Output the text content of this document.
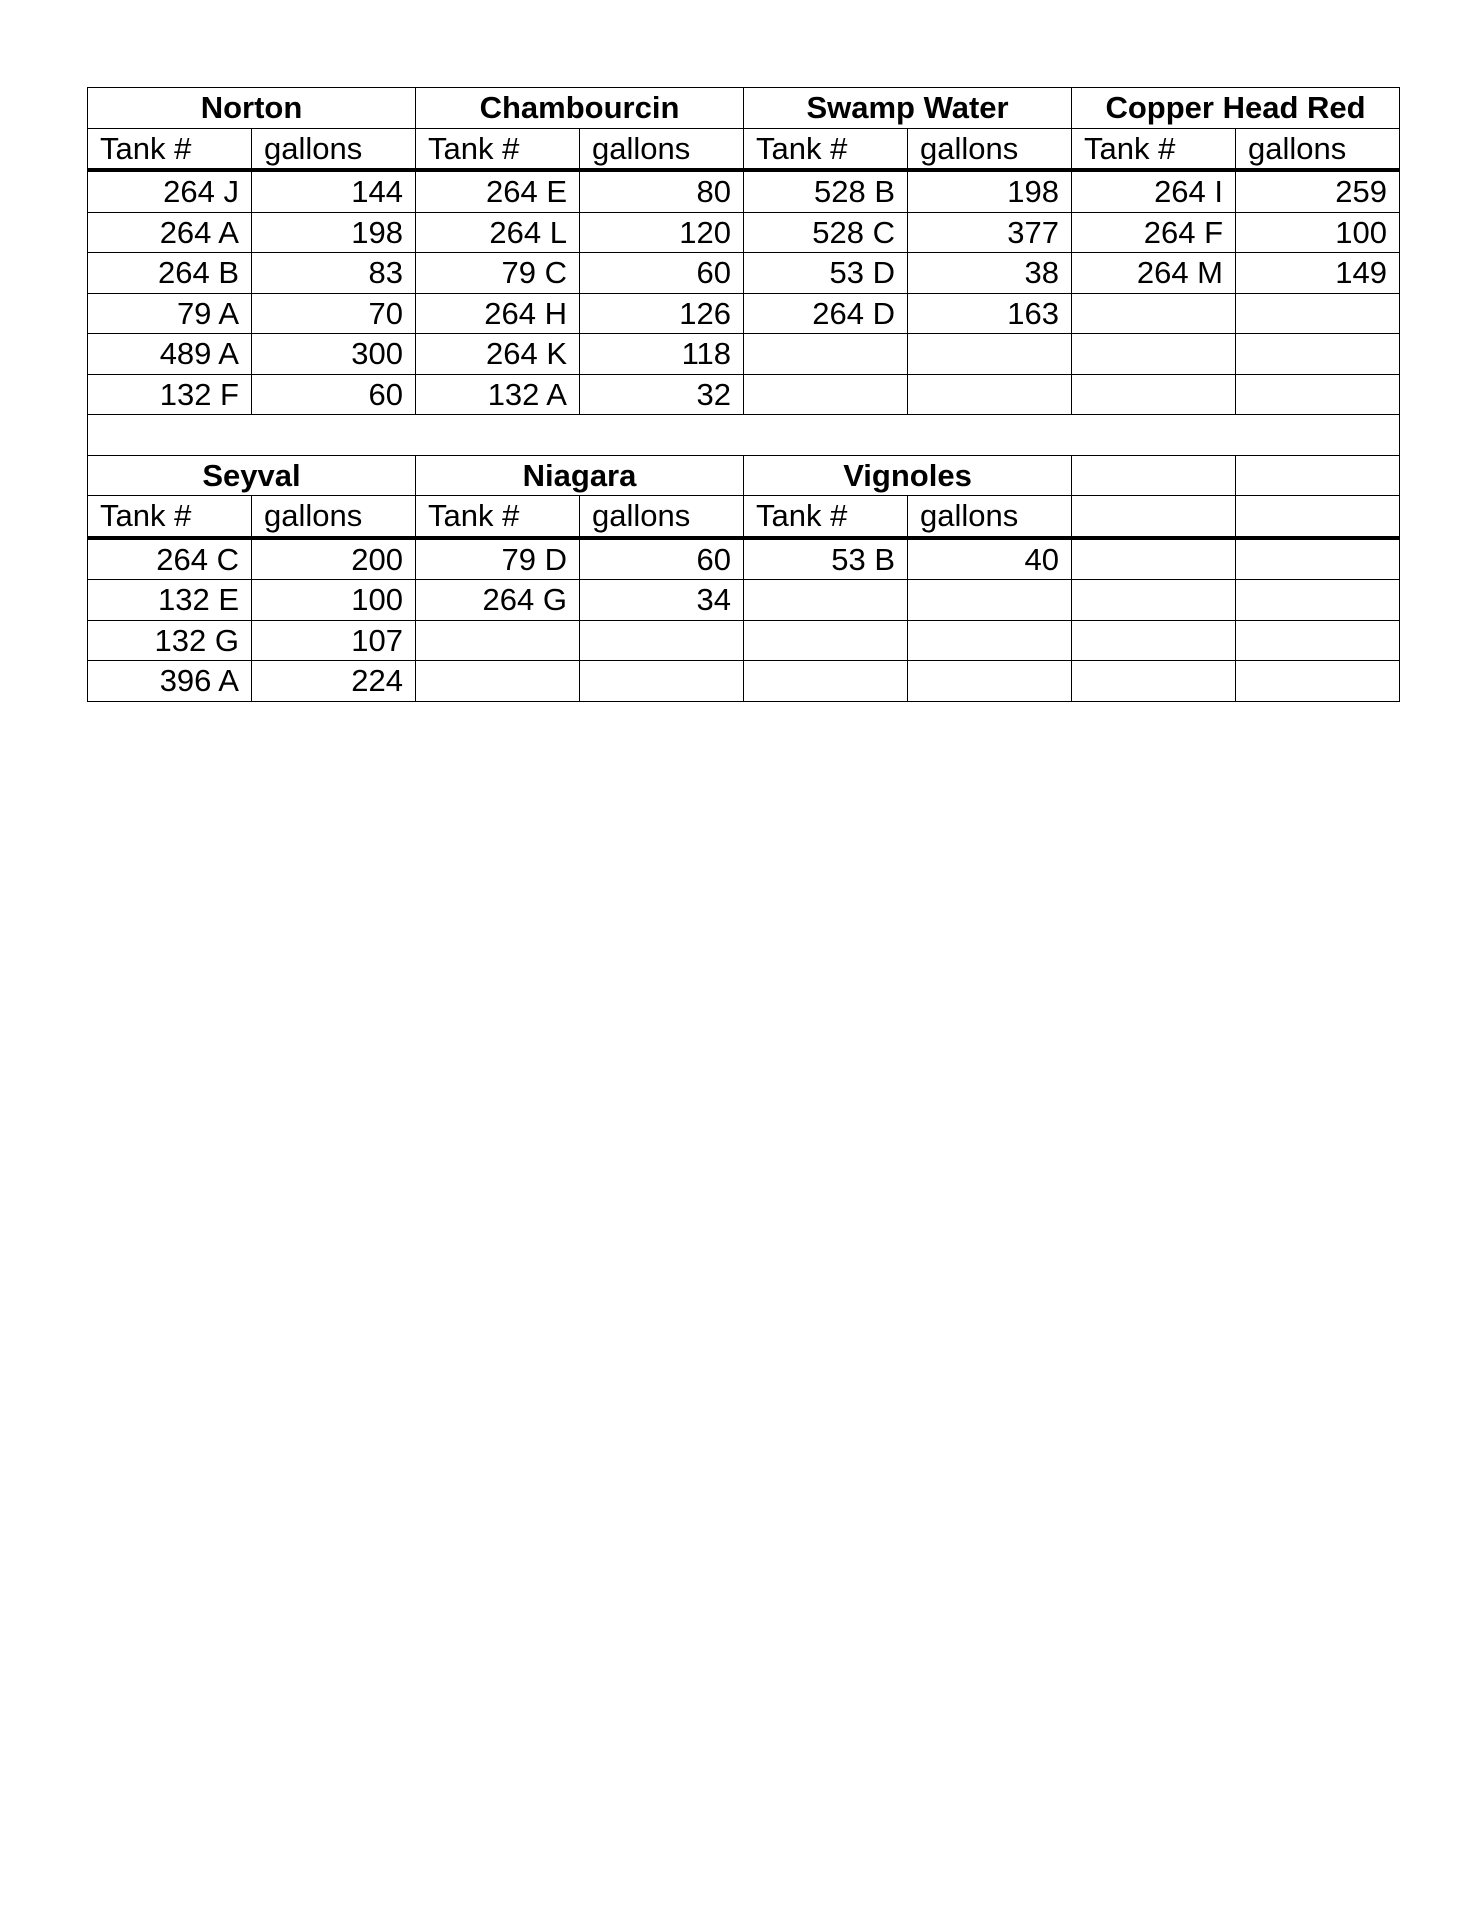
Norton		Chambourcin		Swamp Water		Copper Head Red	
Tank #	gallons	Tank #	gallons	Tank #	gallons	Tank #	gallons
264 J	144	264 E	80	528 B	198	264 I	259
264 A	198	264 L	120	528 C	377	264 F	100
264 B	83	79 C	60	53 D	38	264 M	149
79 A	70	264 H	126	264 D	163		
489 A	300	264 K	118				
132 F	60	132 A	32				

Seyval		Niagara		Vignoles			
Tank #	gallons	Tank #	gallons	Tank #	gallons		
264 C	200	79 D	60	53 B	40		
132 E	100	264 G	34				
132 G	107						
396 A	224						
